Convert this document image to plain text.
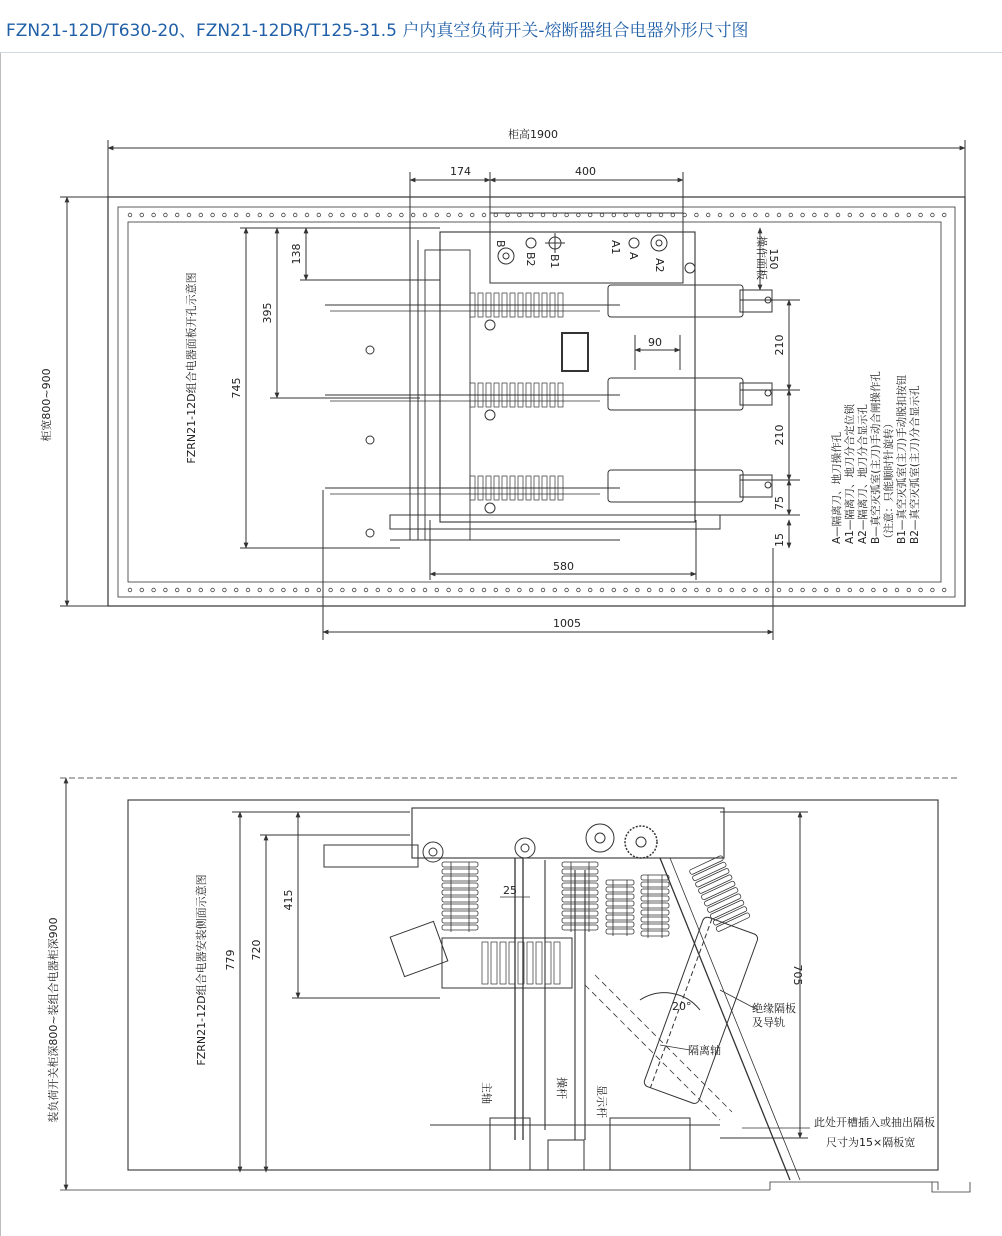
FZN21-12D/T630-20、FZN21-12DR/T125-31.5 户内真空负荷开关-熔断器组合电器外形尺寸图
柜高1900
柜宽800~900
174	400
138
395
745
150
90	210
210
75
15
580
1005
B
B2 B1
A1
A
A2	操作面板
FZRN21-12D组合电器面板开孔示意图
A—隔离刀、地刀操作孔 A1—隔离刀、地刀分合定位锁 A2—隔离刀、地刀分合显示孔 B—真空灭弧室(主刀)手动合闸操作孔 （注意：只能顺时针旋转） B1—真空灭弧室(主刀)手动脱扣按钮 B2—真空灭弧室(主刀)分合显示孔
装负荷开关柜深800~装组合电器柜深900	779 720
415	25
705
20°
FZRN21-12D组合电器安装侧面示意图
主轴	操杆 显示杆
隔离轴
绝缘隔板
及导轨
此处开槽插入或抽出隔板
尺寸为15×隔板宽
